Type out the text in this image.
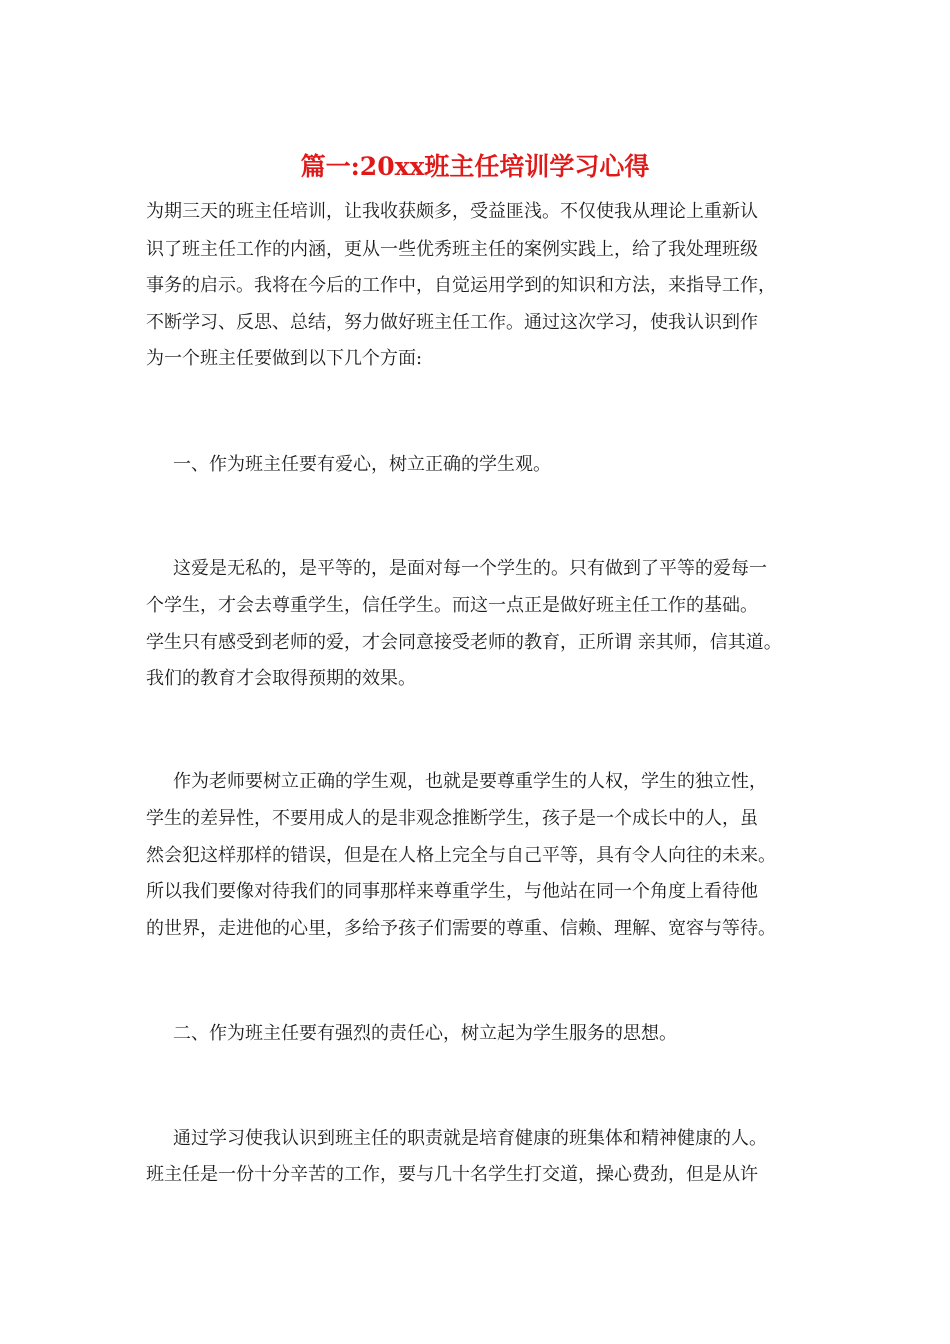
篇一:20xx班主任培训学习心得

为期三天的班主任培训，让我收获颇多，受益匪浅。不仅使我从理论上重新认

识了班主任工作的内涵，更从一些优秀班主任的案例实践上，给了我处理班级

事务的启示。我将在今后的工作中，自觉运用学到的知识和方法，来指导工作，

不断学习、反思、总结，努力做好班主任工作。通过这次学习，使我认识到作

为一个班主任要做到以下几个方面:

一、作为班主任要有爱心，树立正确的学生观。

这爱是无私的，是平等的，是面对每一个学生的。只有做到了平等的爱每一

个学生，才会去尊重学生，信任学生。而这一点正是做好班主任工作的基础。

学生只有感受到老师的爱，才会同意接受老师的教育，正所谓 亲其师，信其道。

我们的教育才会取得预期的效果。

作为老师要树立正确的学生观，也就是要尊重学生的人权，学生的独立性，

学生的差异性，不要用成人的是非观念推断学生，孩子是一个成长中的人，虽

然会犯这样那样的错误，但是在人格上完全与自己平等，具有令人向往的未来。

所以我们要像对待我们的同事那样来尊重学生，与他站在同一个角度上看待他

的世界，走进他的心里，多给予孩子们需要的尊重、信赖、理解、宽容与等待。

二、作为班主任要有强烈的责任心，树立起为学生服务的思想。

通过学习使我认识到班主任的职责就是培育健康的班集体和精神健康的人。

班主任是一份十分辛苦的工作，要与几十名学生打交道，操心费劲，但是从许
